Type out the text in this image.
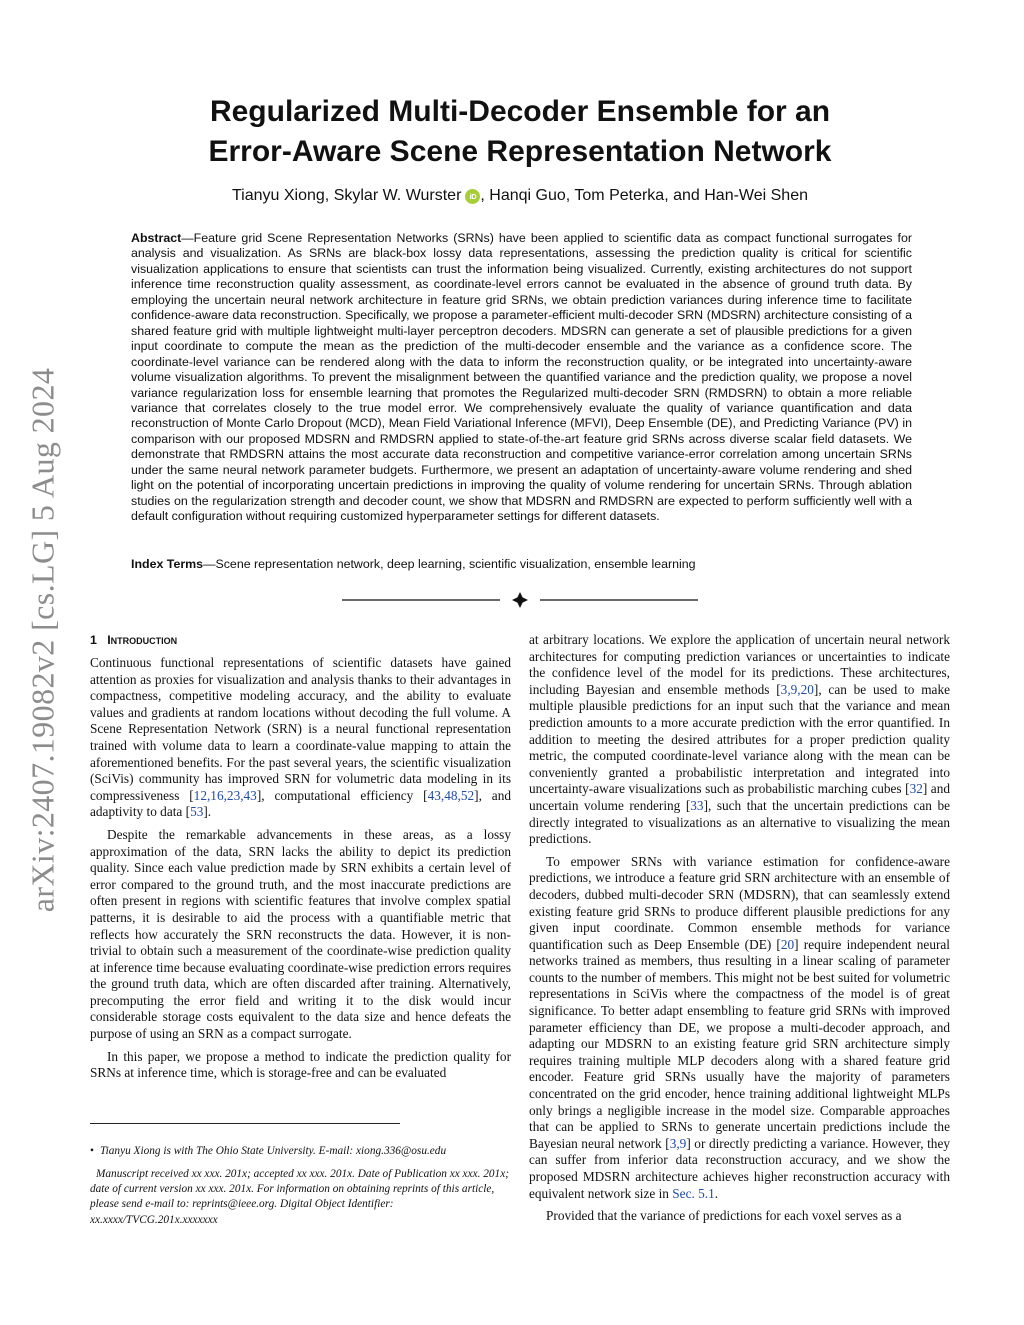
arXiv:2407.19082v2 [cs.LG] 5 Aug 2024
Regularized Multi-Decoder Ensemble for an
Error-Aware Scene Representation Network
Tianyu Xiong, Skylar W. Wurster iD , Hanqi Guo, Tom Peterka, and Han-Wei Shen
Abstract—Feature grid Scene Representation Networks (SRNs) have been applied to scientific data as compact functional surrogates for analysis and visualization. As SRNs are black-box lossy data representations, assessing the prediction quality is critical for scientific visualization applications to ensure that scientists can trust the information being visualized. Currently, existing architectures do not support inference time reconstruction quality assessment, as coordinate-level errors cannot be evaluated in the absence of ground truth data. By employing the uncertain neural network architecture in feature grid SRNs, we obtain prediction variances during inference time to facilitate confidence-aware data reconstruction. Specifically, we propose a parameter-efficient multi-decoder SRN (MDSRN) architecture consisting of a shared feature grid with multiple lightweight multi-layer perceptron decoders. MDSRN can generate a set of plausible predictions for a given input coordinate to compute the mean as the prediction of the multi-decoder ensemble and the variance as a confidence score. The coordinate-level variance can be rendered along with the data to inform the reconstruction quality, or be integrated into uncertainty-aware volume visualization algorithms. To prevent the misalignment between the quantified variance and the prediction quality, we propose a novel variance regularization loss for ensemble learning that promotes the Regularized multi-decoder SRN (RMDSRN) to obtain a more reliable variance that correlates closely to the true model error. We comprehensively evaluate the quality of variance quantification and data reconstruction of Monte Carlo Dropout (MCD), Mean Field Variational Inference (MFVI), Deep Ensemble (DE), and Predicting Variance (PV) in comparison with our proposed MDSRN and RMDSRN applied to state-of-the-art feature grid SRNs across diverse scalar field datasets. We demonstrate that RMDSRN attains the most accurate data reconstruction and competitive variance-error correlation among uncertain SRNs under the same neural network parameter budgets. Furthermore, we present an adaptation of uncertainty-aware volume rendering and shed light on the potential of incorporating uncertain predictions in improving the quality of volume rendering for uncertain SRNs. Through ablation studies on the regularization strength and decoder count, we show that MDSRN and RMDSRN are expected to perform sufficiently well with a default configuration without requiring customized hyperparameter settings for different datasets.
Index Terms—Scene representation network, deep learning, scientific visualization, ensemble learning
1 Introduction

Continuous functional representations of scientific datasets have gained attention as proxies for visualization and analysis thanks to their advantages in compactness, competitive modeling accuracy, and the ability to evaluate values and gradients at random locations without decoding the full volume. A Scene Representation Network (SRN) is a neural functional representation trained with volume data to learn a coordinate-value mapping to attain the aforementioned benefits. For the past several years, the scientific visualization (SciVis) community has improved SRN for volumetric data modeling in its compressiveness [12,16,23,43], computational efficiency [43,48,52], and adaptivity to data [53].

Despite the remarkable advancements in these areas, as a lossy approximation of the data, SRN lacks the ability to depict its prediction quality. Since each value prediction made by SRN exhibits a certain level of error compared to the ground truth, and the most inaccurate predictions are often present in regions with scientific features that involve complex spatial patterns, it is desirable to aid the process with a quantifiable metric that reflects how accurately the SRN reconstructs the data. However, it is non-trivial to obtain such a measurement of the coordinate-wise prediction quality at inference time because evaluating coordinate-wise prediction errors requires the ground truth data, which are often discarded after training. Alternatively, precomputing the error field and writing it to the disk would incur considerable storage costs equivalent to the data size and hence defeats the purpose of using an SRN as a compact surrogate.

In this paper, we propose a method to indicate the prediction quality for SRNs at inference time, which is storage-free and can be evaluated

at arbitrary locations. We explore the application of uncertain neural network architectures for computing prediction variances or uncertainties to indicate the confidence level of the model for its predictions. These architectures, including Bayesian and ensemble methods [3,9,20], can be used to make multiple plausible predictions for an input such that the variance and mean prediction amounts to a more accurate prediction with the error quantified. In addition to meeting the desired attributes for a proper prediction quality metric, the computed coordinate-level variance along with the mean can be conveniently granted a probabilistic interpretation and integrated into uncertainty-aware visualizations such as probabilistic marching cubes [32] and uncertain volume rendering [33], such that the uncertain predictions can be directly integrated to visualizations as an alternative to visualizing the mean predictions.

To empower SRNs with variance estimation for confidence-aware predictions, we introduce a feature grid SRN architecture with an ensemble of decoders, dubbed multi-decoder SRN (MDSRN), that can seamlessly extend existing feature grid SRNs to produce different plausible predictions for any given input coordinate. Common ensemble methods for variance quantification such as Deep Ensemble (DE) [20] require independent neural networks trained as members, thus resulting in a linear scaling of parameter counts to the number of members. This might not be best suited for volumetric representations in SciVis where the compactness of the model is of great significance. To better adapt ensembling to feature grid SRNs with improved parameter efficiency than DE, we propose a multi-decoder approach, and adapting our MDSRN to an existing feature grid SRN architecture simply requires training multiple MLP decoders along with a shared feature grid encoder. Feature grid SRNs usually have the majority of parameters concentrated on the grid encoder, hence training additional lightweight MLPs only brings a negligible increase in the model size. Comparable approaches that can be applied to SRNs to generate uncertain predictions include the Bayesian neural network [3,9] or directly predicting a variance. However, they can suffer from inferior data reconstruction accuracy, and we show the proposed MDSRN architecture achieves higher reconstruction accuracy with equivalent network size in Sec. 5.1.

Provided that the variance of predictions for each voxel serves as a

• Tianyu Xiong is with The Ohio State University. E-mail: xiong.336@osu.edu
Manuscript received xx xxx. 201x; accepted xx xxx. 201x. Date of Publication xx xxx. 201x; date of current version xx xxx. 201x. For information on obtaining reprints of this article, please send e-mail to: reprints@ieee.org. Digital Object Identifier: xx.xxxx/TVCG.201x.xxxxxxx
